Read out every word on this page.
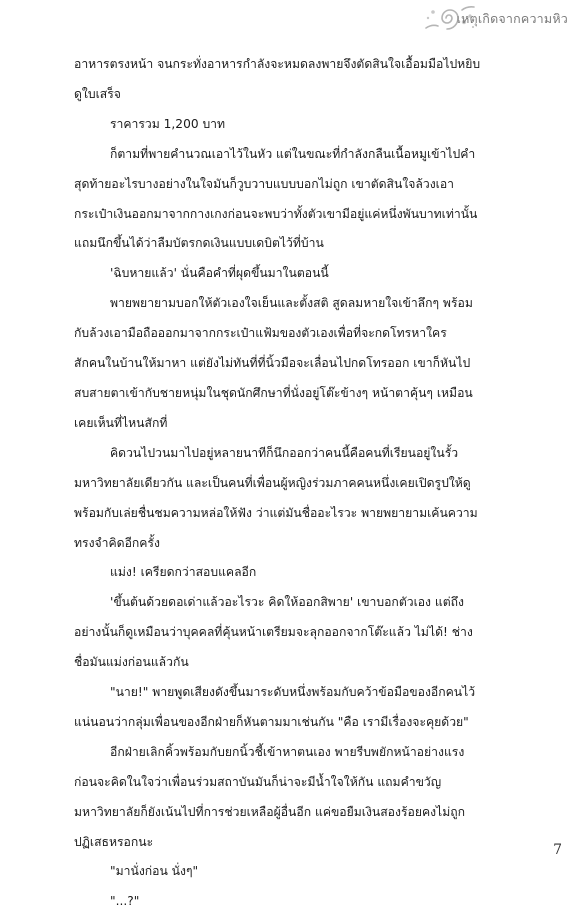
เหตุเกิดจากความหิว

อาหารตรงหน้า จนกระทั่งอาหารกำลังจะหมดลงพายจึงตัดสินใจเอื้อมมือไปหยิบ

ดูใบเสร็จ

ราคารวม 1,200 บาท

ก็ตามที่พายคำนวณเอาไว้ในหัว แต่ในขณะที่กำลังกลืนเนื้อหมูเข้าไปคำ

สุดท้ายอะไรบางอย่างในใจมันก็วูบวาบแบบบอกไม่ถูก เขาตัดสินใจล้วงเอา

กระเป๋าเงินออกมาจากกางเกงก่อนจะพบว่าทั้งตัวเขามีอยู่แค่หนึ่งพันบาทเท่านั้น

แถมนึกขึ้นได้ว่าลืมบัตรกดเงินแบบเดบิตไว้ที่บ้าน

'ฉิบหายแล้ว' นั่นคือคำที่ผุดขึ้นมาในตอนนี้

พายพยายามบอกให้ตัวเองใจเย็นและตั้งสติ สูดลมหายใจเข้าลึกๆ พร้อม

กับล้วงเอามือถือออกมาจากกระเป๋าแฟ้มของตัวเองเพื่อที่จะกดโทรหาใคร

สักคนในบ้านให้มาหา แต่ยังไม่ทันที่ที่นิ้วมือจะเลื่อนไปกดโทรออก เขาก็หันไป

สบสายตาเข้ากับชายหนุ่มในชุดนักศึกษาที่นั่งอยู่โต๊ะข้างๆ หน้าตาคุ้นๆ เหมือน

เคยเห็นที่ไหนสักที่

คิดวนไปวนมาไปอยู่หลายนาทีก็นึกออกว่าคนนี้คือคนที่เรียนอยู่ในรั้ว

มหาวิทยาลัยเดียวกัน และเป็นคนที่เพื่อนผู้หญิงร่วมภาคคนหนึ่งเคยเปิดรูปให้ดู

พร้อมกับเล่ยชื่นชมความหล่อให้ฟัง ว่าแต่มันชื่ออะไรวะ พายพยายามเค้นความ

ทรงจำคิดอีกครั้ง

แม่ง! เครียดกว่าสอบแคลอีก

'ขึ้นต้นด้วยดอเด่าแล้วอะไรวะ คิดให้ออกสิพาย' เขาบอกตัวเอง แต่ถึง

อย่างนั้นก็ดูเหมือนว่าบุคคลที่คุ้นหน้าเตรียมจะลุกออกจากโต๊ะแล้ว ไม่ได้! ช่าง

ชื่อมันแม่งก่อนแล้วกัน

"นาย!" พายพูดเสียงดังขึ้นมาระดับหนึ่งพร้อมกับคว้าข้อมือของอีกคนไว้

แน่นอนว่ากลุ่มเพื่อนของอีกฝ่ายก็หันตามมาเช่นกัน "คือ เรามีเรื่องจะคุยด้วย"

อีกฝ่ายเลิกคิ้วพร้อมกับยกนิ้วชี้เข้าหาตนเอง พายรีบพยักหน้าอย่างแรง

ก่อนจะคิดในใจว่าเพื่อนร่วมสถาบันมันก็น่าจะมีน้ำใจให้กัน แถมคำขวัญ

มหาวิทยาลัยก็ยังเน้นไปที่การช่วยเหลือผู้อื่นอีก แค่ขอยืมเงินสองร้อยคงไม่ถูก

ปฏิเสธหรอกนะ

"มานั่งก่อน นั่งๆ"

"...?"

7
